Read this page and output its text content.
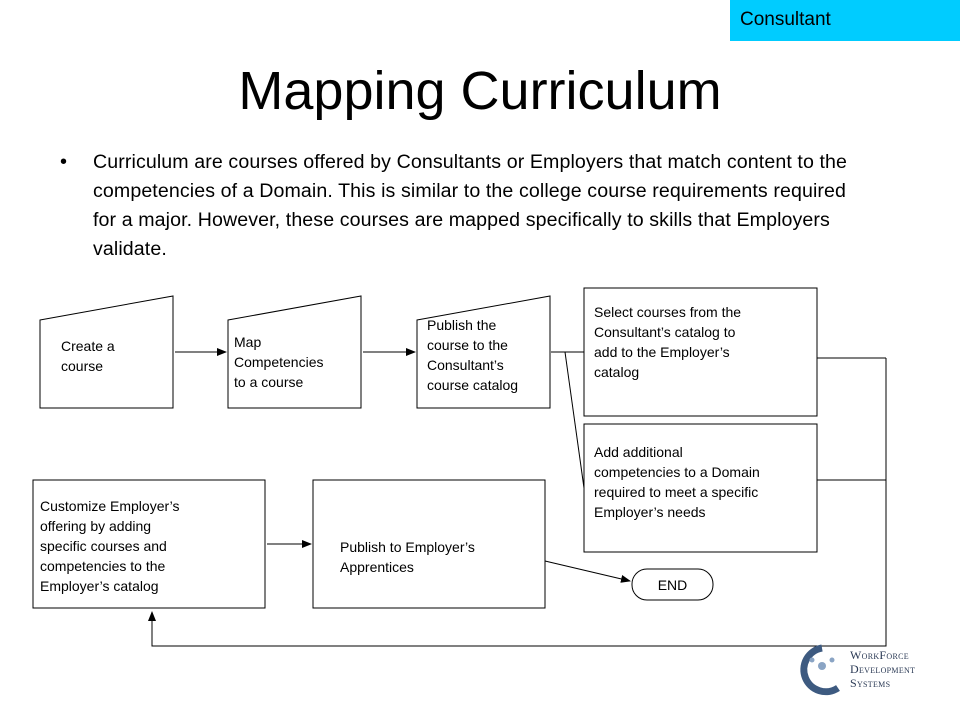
Consultant
Mapping Curriculum
• Curriculum are courses offered by Consultants or Employers that match content to the competencies of a Domain. This is similar to the college course requirements required for a major. However, these courses are mapped specifically to skills that Employers validate.
Create a
course
Map
Competencies
to a course
Publish the
course to the
Consultant’s
course catalog
Select courses from the
Consultant’s catalog to
add to the Employer’s
catalog
Add additional
competencies to a Domain
required to meet a specific
Employer’s needs
Customize Employer’s
offering by adding
specific courses and
competencies to the
Employer’s catalog
Publish to Employer’s
Apprentices
END
WorkForce
Development
Systems
